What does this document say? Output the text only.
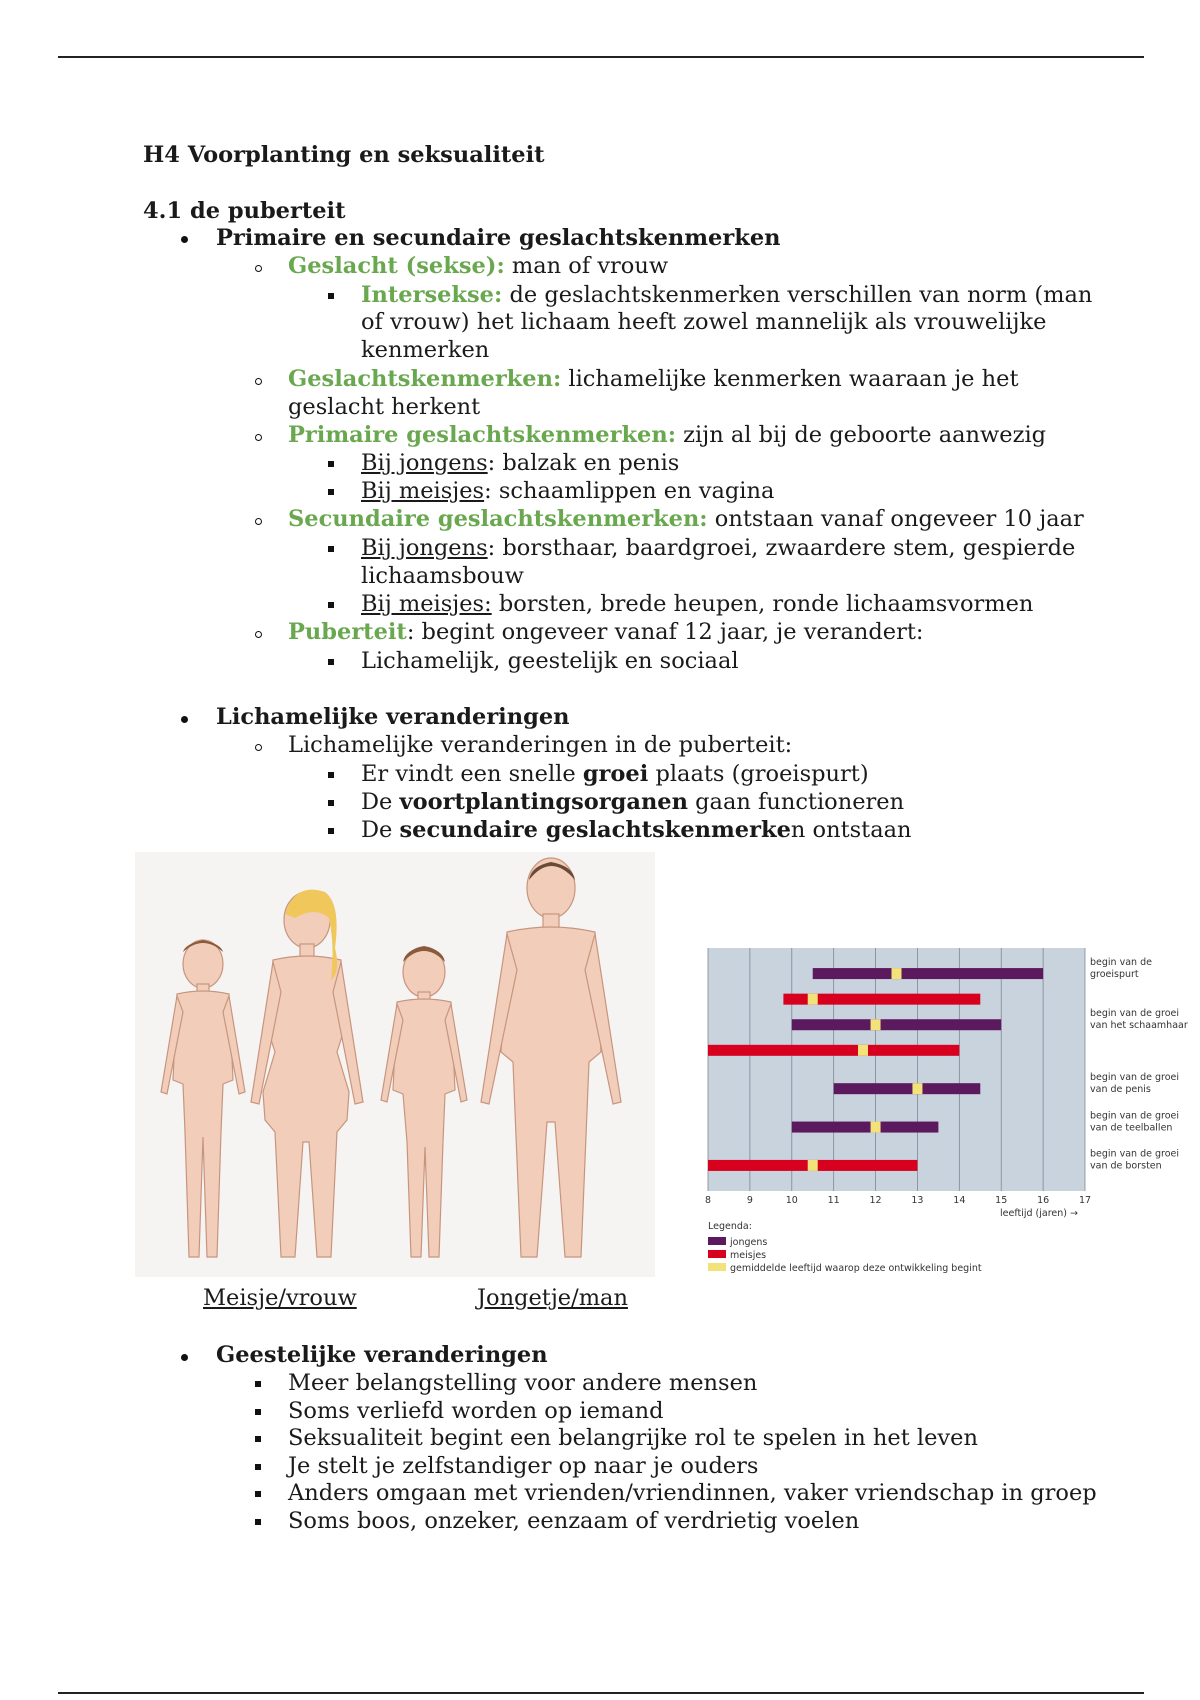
H4 Voorplanting en seksualiteit
4.1 de puberteit
Primaire en secundaire geslachtskenmerken
Geslacht (sekse): man of vrouw
Intersekse: de geslachtskenmerken verschillen van norm (man
of vrouw) het lichaam heeft zowel mannelijk als vrouwelijke
kenmerken
Geslachtskenmerken: lichamelijke kenmerken waaraan je het
geslacht herkent
Primaire geslachtskenmerken: zijn al bij de geboorte aanwezig
Bij jongens: balzak en penis
Bij meisjes: schaamlippen en vagina
Secundaire geslachtskenmerken: ontstaan vanaf ongeveer 10 jaar
Bij jongens: borsthaar, baardgroei, zwaardere stem, gespierde
lichaamsbouw
Bij meisjes: borsten, brede heupen, ronde lichaamsvormen
Puberteit: begint ongeveer vanaf 12 jaar, je verandert:
Lichamelijk, geestelijk en sociaal
Lichamelijke veranderingen
Lichamelijke veranderingen in de puberteit:
Er vindt een snelle groei plaats (groeispurt)
De voortplantingsorganen gaan functioneren
De secundaire geslachtskenmerken ontstaan
Meisje/vrouw	Jongetje/man
8	9	10	11	12	13	14	15	16	17
begin van de
groeispurt
begin van de groei
van het schaamhaar
begin van de groei
van de penis
begin van de groei
van de teelballen
begin van de groei
van de borsten
leeftijd (jaren) →
Legenda:
jongens
meisjes
gemiddelde leeftijd waarop deze ontwikkeling begint
Geestelijke veranderingen
Meer belangstelling voor andere mensen
Soms verliefd worden op iemand
Seksualiteit begint een belangrijke rol te spelen in het leven
Je stelt je zelfstandiger op naar je ouders
Anders omgaan met vrienden/vriendinnen, vaker vriendschap in groep
Soms boos, onzeker, eenzaam of verdrietig voelen
